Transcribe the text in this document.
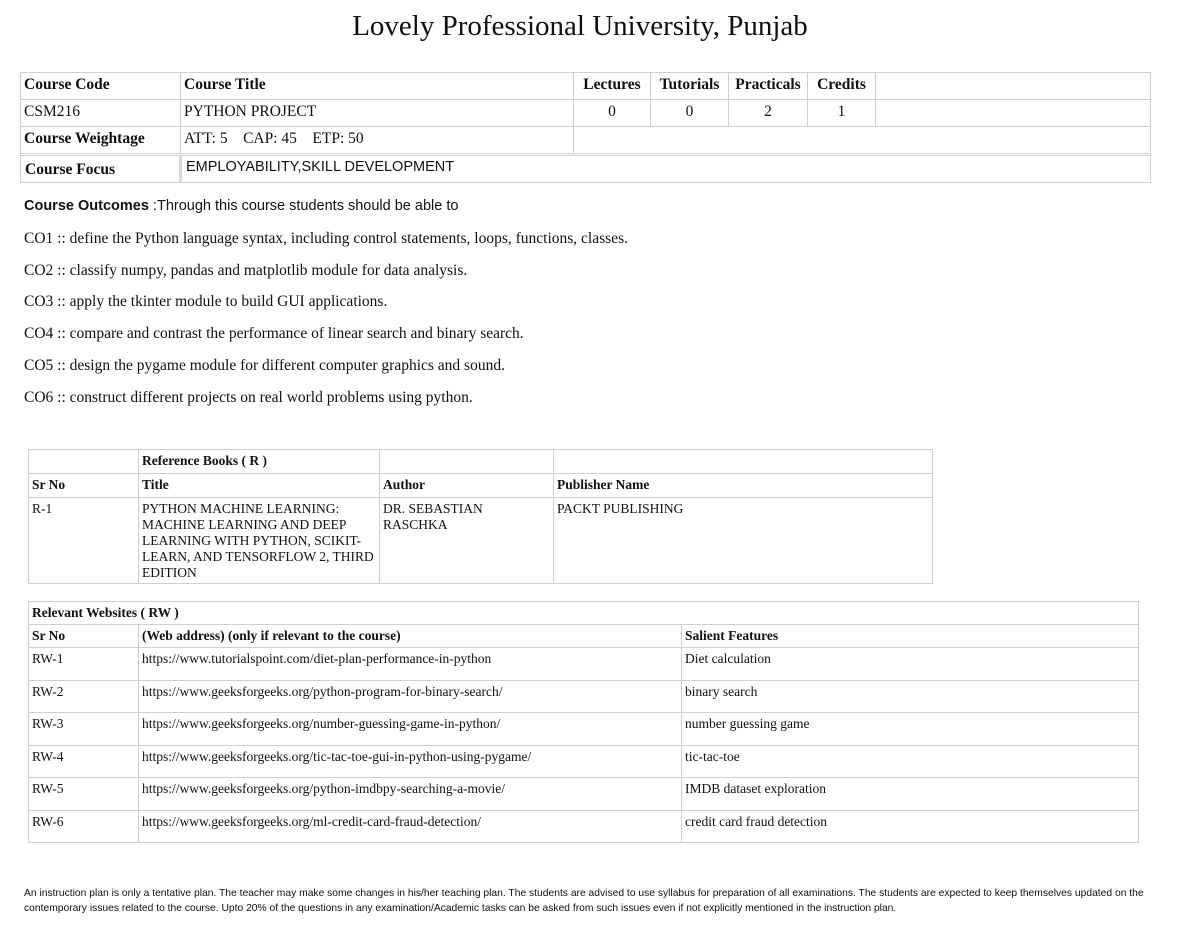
Lovely Professional University, Punjab
Course Code	Course Title	Lectures	Tutorials	Practicals	Credits	
CSM216	PYTHON PROJECT	0	0	2	1	
Course Weightage	ATT: 5    CAP: 45    ETP: 50					
Course Focus	EMPLOYABILITY,SKILL DEVELOPMENT
Course Outcomes :Through this course students should be able to
CO1 :: define the Python language syntax, including control statements, loops, functions, classes.
CO2 :: classify numpy, pandas and matplotlib module for data analysis.
CO3 :: apply the tkinter module to build GUI applications.
CO4 :: compare and contrast the performance of linear search and binary search.
CO5 :: design the pygame module for different computer graphics and sound.
CO6 :: construct different projects on real world problems using python.
	Reference Books ( R )		
Sr No	Title	Author	Publisher Name
R-1	PYTHON MACHINE LEARNING: MACHINE LEARNING AND DEEP LEARNING WITH PYTHON, SCIKIT-LEARN, AND TENSORFLOW 2, THIRD EDITION	DR. SEBASTIAN RASCHKA	PACKT PUBLISHING
Relevant Websites ( RW )		
Sr No	(Web address) (only if relevant to the course)	Salient Features
RW-1	https://www.tutorialspoint.com/diet-plan-performance-in-python	Diet calculation
RW-2	https://www.geeksforgeeks.org/python-program-for-binary-search/	binary search
RW-3	https://www.geeksforgeeks.org/number-guessing-game-in-python/	number guessing game
RW-4	https://www.geeksforgeeks.org/tic-tac-toe-gui-in-python-using-pygame/	tic-tac-toe
RW-5	https://www.geeksforgeeks.org/python-imdbpy-searching-a-movie/	IMDB dataset exploration
RW-6	https://www.geeksforgeeks.org/ml-credit-card-fraud-detection/	credit card fraud detection
An instruction plan is only a tentative plan. The teacher may make some changes in his/her teaching plan. The students are advised to use syllabus for preparation of all examinations. The students are expected to keep themselves updated on the contemporary issues related to the course. Upto 20% of the questions in any examination/Academic tasks can be asked from such issues even if not explicitly mentioned in the instruction plan.
